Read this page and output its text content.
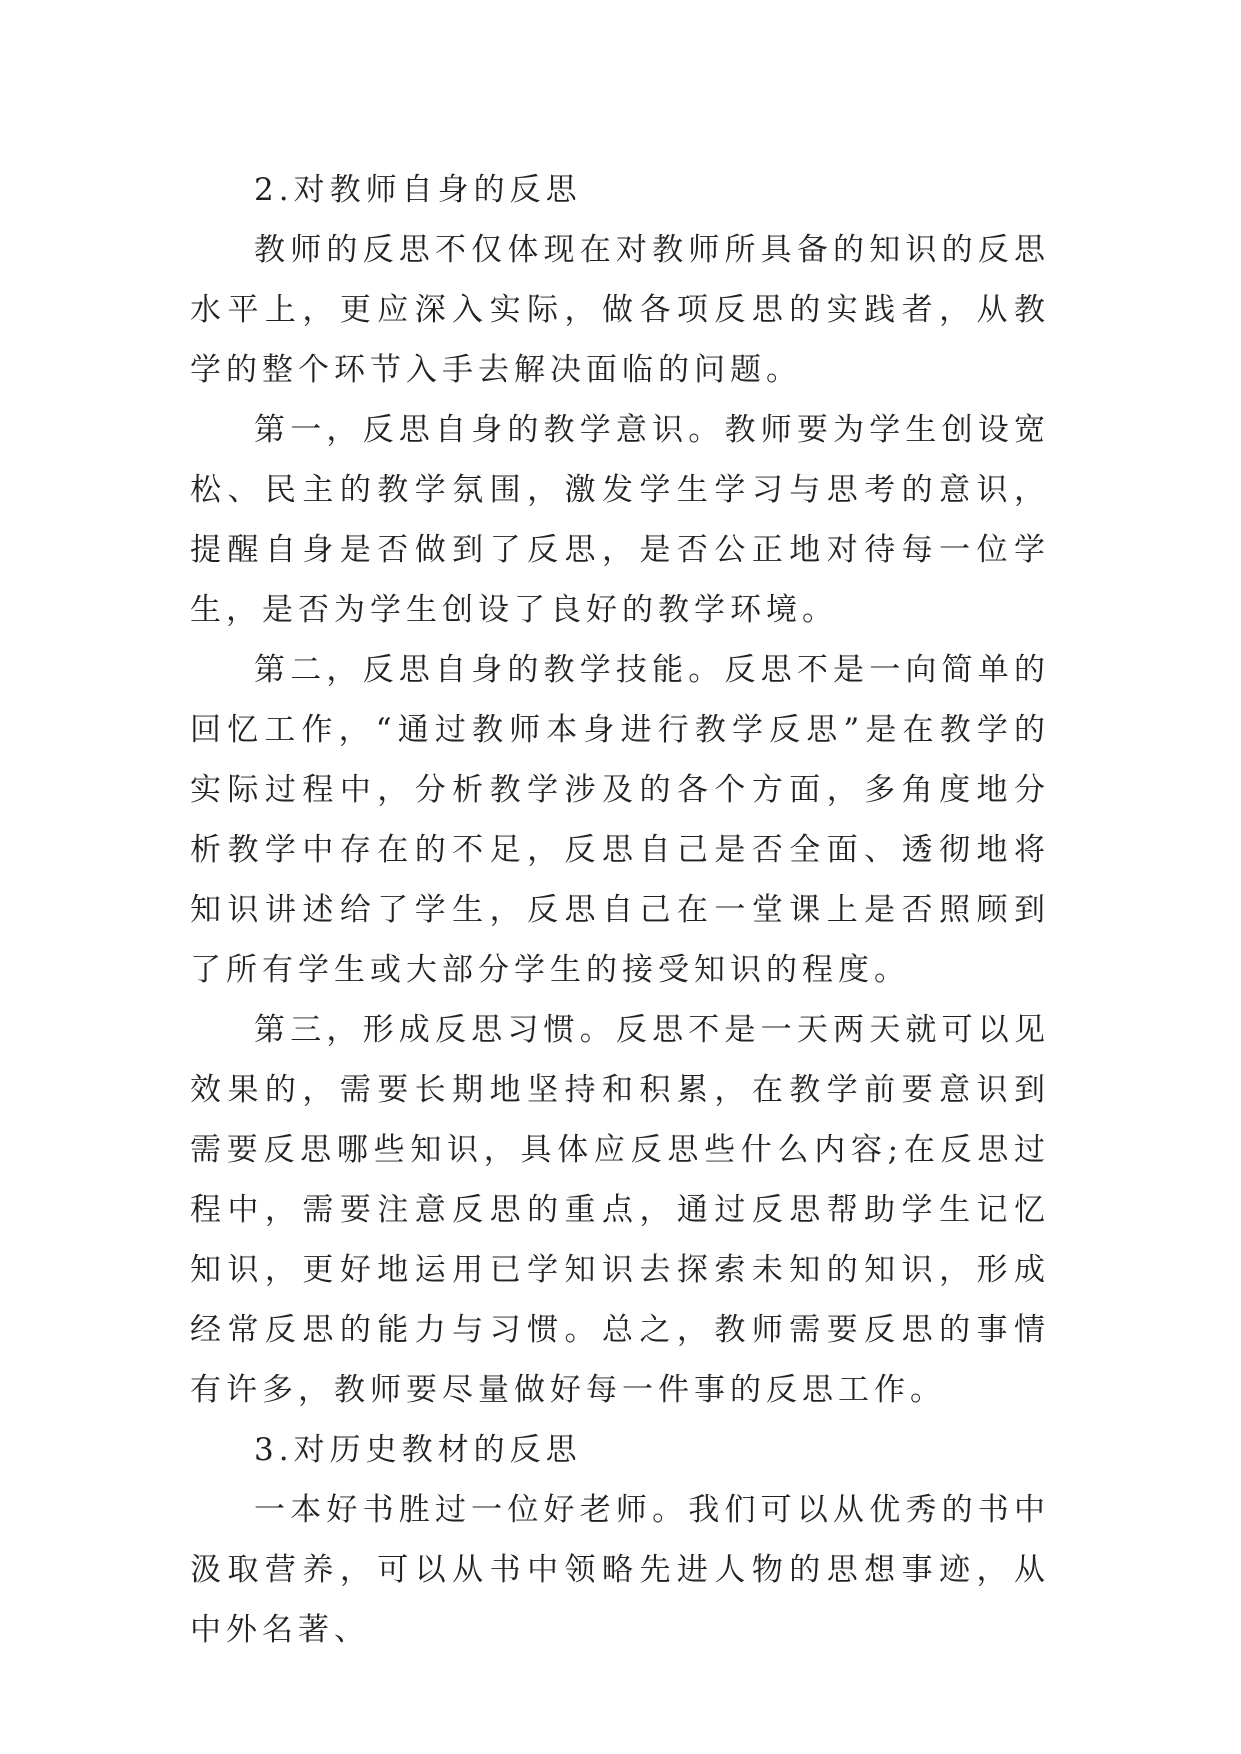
2.对教师自身的反思

教师的反思不仅体现在对教师所具备的知识的反思水平上，更应深入实际，做各项反思的实践者，从教学的整个环节入手去解决面临的问题。

第一，反思自身的教学意识。教师要为学生创设宽松、民主的教学氛围，激发学生学习与思考的意识，提醒自身是否做到了反思，是否公正地对待每一位学生，是否为学生创设了良好的教学环境。

第二，反思自身的教学技能。反思不是一向简单的回忆工作，“通过教师本身进行教学反思”是在教学的实际过程中，分析教学涉及的各个方面，多角度地分析教学中存在的不足，反思自己是否全面、透彻地将知识讲述给了学生，反思自己在一堂课上是否照顾到了所有学生或大部分学生的接受知识的程度。

第三，形成反思习惯。反思不是一天两天就可以见效果的，需要长期地坚持和积累，在教学前要意识到需要反思哪些知识，具体应反思些什么内容;在反思过程中，需要注意反思的重点，通过反思帮助学生记忆知识，更好地运用已学知识去探索未知的知识，形成经常反思的能力与习惯。总之，教师需要反思的事情有许多，教师要尽量做好每一件事的反思工作。

3.对历史教材的反思

一本好书胜过一位好老师。我们可以从优秀的书中汲取营养，可以从书中领略先进人物的思想事迹，从中外名著、
